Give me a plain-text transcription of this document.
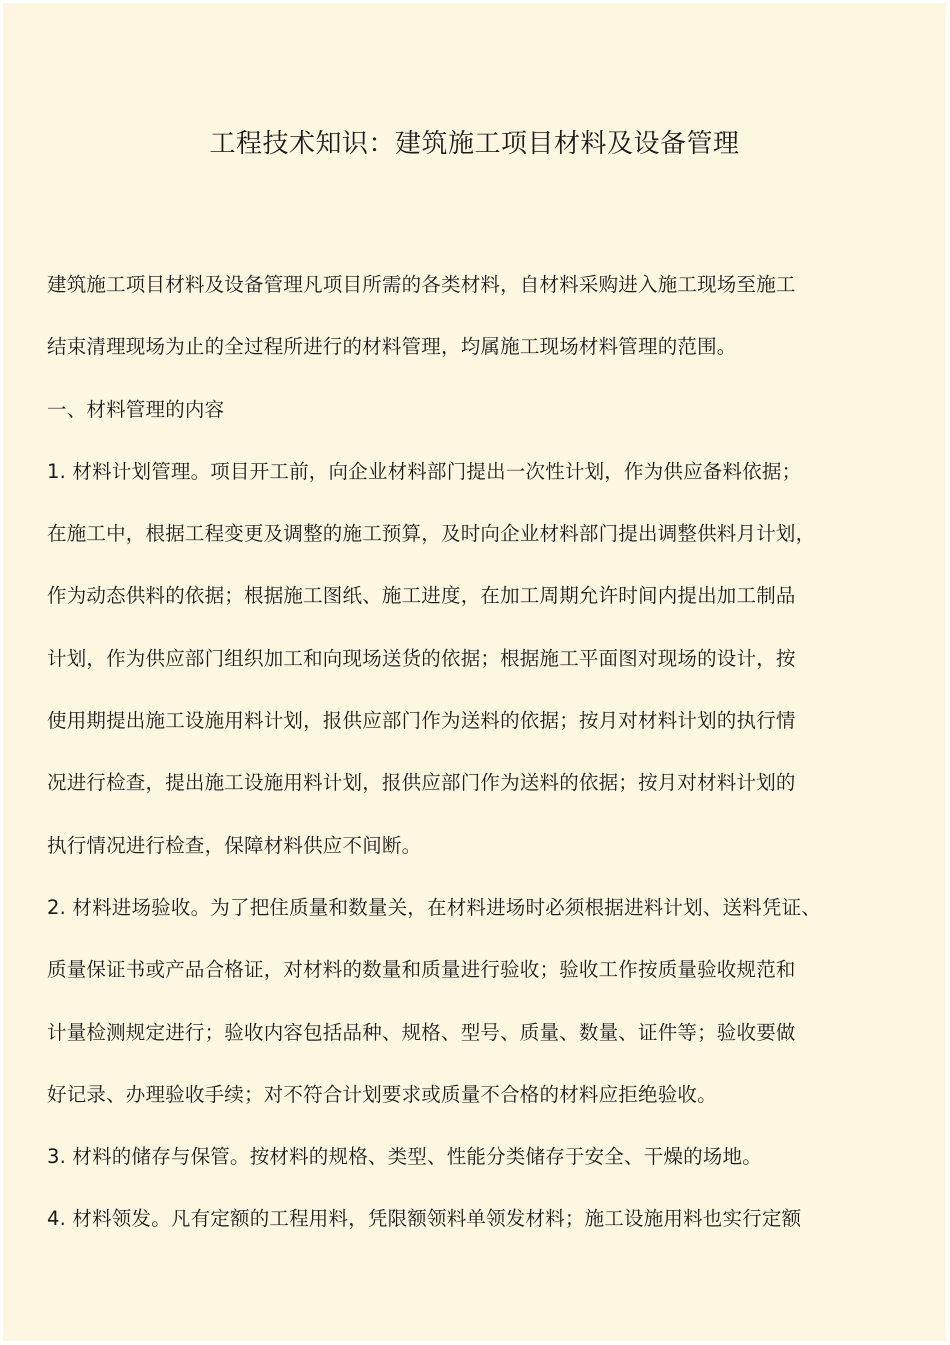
工程技术知识：建筑施工项目材料及设备管理
建筑施工项目材料及设备管理凡项目所需的各类材料，自材料采购进入施工现场至施工
结束清理现场为止的全过程所进行的材料管理，均属施工现场材料管理的范围。
一、材料管理的内容
1. 材料计划管理。项目开工前，向企业材料部门提出一次性计划，作为供应备料依据；
在施工中，根据工程变更及调整的施工预算，及时向企业材料部门提出调整供料月计划，
作为动态供料的依据；根据施工图纸、施工进度，在加工周期允许时间内提出加工制品
计划，作为供应部门组织加工和向现场送货的依据；根据施工平面图对现场的设计，按
使用期提出施工设施用料计划，报供应部门作为送料的依据；按月对材料计划的执行情
况进行检查，提出施工设施用料计划，报供应部门作为送料的依据；按月对材料计划的
执行情况进行检查，保障材料供应不间断。
2. 材料进场验收。为了把住质量和数量关，在材料进场时必须根据进料计划、送料凭证、
质量保证书或产品合格证，对材料的数量和质量进行验收；验收工作按质量验收规范和
计量检测规定进行；验收内容包括品种、规格、型号、质量、数量、证件等；验收要做
好记录、办理验收手续；对不符合计划要求或质量不合格的材料应拒绝验收。
3. 材料的储存与保管。按材料的规格、类型、性能分类储存于安全、干燥的场地。
4. 材料领发。凡有定额的工程用料，凭限额领料单领发材料；施工设施用料也实行定额
